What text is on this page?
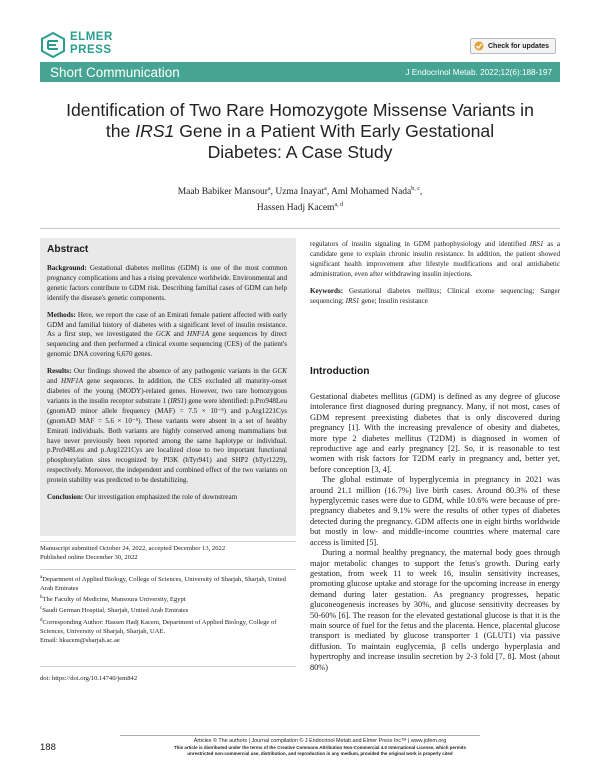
ELMER
PRESS	Check for updates
Short Communication	J Endocrinol Metab. 2022;12(6):188-197
Identification of Two Rare Homozygote Missense Variants in
the IRS1 Gene in a Patient With Early Gestational
Diabetes: A Case Study
Maab Babiker Mansour$^a$, Uzma Inayat$^a$, Aml Mohamed Nada$^{b, c}$,
Hassen Hadj Kacem$^{a, d}$
Abstract

Background: Gestational diabetes mellitus (GDM) is one of the most common pregnancy complications and has a rising prevalence worldwide. Environmental and genetic factors contribute to GDM risk. Describing familial cases of GDM can help identify the disease's genetic components.

Methods: Here, we report the case of an Emirati female patient affected with early GDM and familial history of diabetes with a significant level of insulin resistance. As a first step, we investigated the GCK and HNF1A gene sequences by direct sequencing and then performed a clinical exome sequencing (CES) of the patient's genomic DNA covering 6,670 genes.

Results: Our findings showed the absence of any pathogenic variants in the GCK and HNF1A gene sequences. In addition, the CES excluded all maturity-onset diabetes of the young (MODY)-related genes. However, two rare homozygous variants in the insulin receptor substrate 1 (IRS1) gene were identified: p.Pro948Leu (gnomAD minor allele frequency (MAF) = 7.5 × 10⁻⁵) and p.Arg1221Cys (gnomAD MAF = 5.6 × 10⁻⁵). These variants were absent in a set of healthy Emirati individuals. Both variants are highly conserved among mammalians but have never previously been reported among the same haplotype or individual. p.Pro948Leu and p.Arg1221Cys are localized close to two important functional phosphorylation sites recognized by PI3K (hTyr941) and SHP2 (hTyr1229), respectively. Moreover, the independent and combined effect of the two variants on protein stability was predicted to be destabilizing.

Conclusion: Our investigation emphasized the role of downstream

regulators of insulin signaling in GDM pathophysiology and identified IRS1 as a candidate gene to explain chronic insulin resistance. In addition, the patient showed significant health improvement after lifestyle modifications and oral antidiabetic administration, even after withdrawing insulin injections.

Keywords: Gestational diabetes mellitus; Clinical exome sequencing; Sanger sequencing; IRS1 gene; Insulin resistance

Introduction

Gestational diabetes mellitus (GDM) is defined as any degree of glucose intolerance first diagnosed during pregnancy. Many, if not most, cases of GDM represent preexisting diabetes that is only discovered during pregnancy [1]. With the increasing prevalence of obesity and diabetes, more type 2 diabetes mellitus (T2DM) is diagnosed in women of reproductive age and early pregnancy [2]. So, it is reasonable to test women with risk factors for T2DM early in pregnancy and, better yet, before conception [3, 4].

The global estimate of hyperglycemia in pregnancy in 2021 was around 21.1 million (16.7%) live birth cases. Around 80.3% of these hyperglycemic cases were due to GDM, while 10.6% were because of pre-pregnancy diabetes and 9.1% were the results of other types of diabetes detected during the pregnancy. GDM affects one in eight births worldwide but mostly in low- and middle-income countries where maternal care access is limited [5].

During a normal healthy pregnancy, the maternal body goes through major metabolic changes to support the fetus's growth. During early gestation, from week 11 to week 16, insulin sensitivity increases, promoting glucose uptake and storage for the upcoming increase in energy demand during later gestation. As pregnancy progresses, hepatic gluconeogenesis increases by 30%, and glucose sensitivity decreases by 50-60% [6]. The reason for the elevated gestational glucose is that it is the main source of fuel for the fetus and the placenta. Hence, placental glucose transport is mediated by glucose transporter 1 (GLUT1) via passive diffusion. To maintain euglycemia, β cells undergo hyperplasia and hypertrophy and increase insulin secretion by 2-3 fold [7, 8]. Most (about 80%)

Manuscript submitted October 24, 2022, accepted December 13, 2022
Published online December 30, 2022
$^a$Department of Applied Biology, College of Sciences, University of Sharjah, Sharjah, United Arab Emirates
$^b$The Faculty of Medicine, Mansoura University, Egypt
$^c$Saudi German Hospital, Sharjah, United Arab Emirates
$^d$Corresponding Author: Hassen Hadj Kacem, Department of Applied Biology, College of Sciences, University of Sharjah, Sharjah, UAE.
Email: hkacem@sharjah.ac.ae
doi: https://doi.org/10.14740/jem842
188
Articles © The authors | Journal compilation © J Endocrinol Metab and Elmer Press Inc™ | www.jofem.org
This article is distributed under the terms of the Creative Commons Attribution Non-Commercial 4.0 International License, which permits
unrestricted non-commercial use, distribution, and reproduction in any medium, provided the original work is properly cited
